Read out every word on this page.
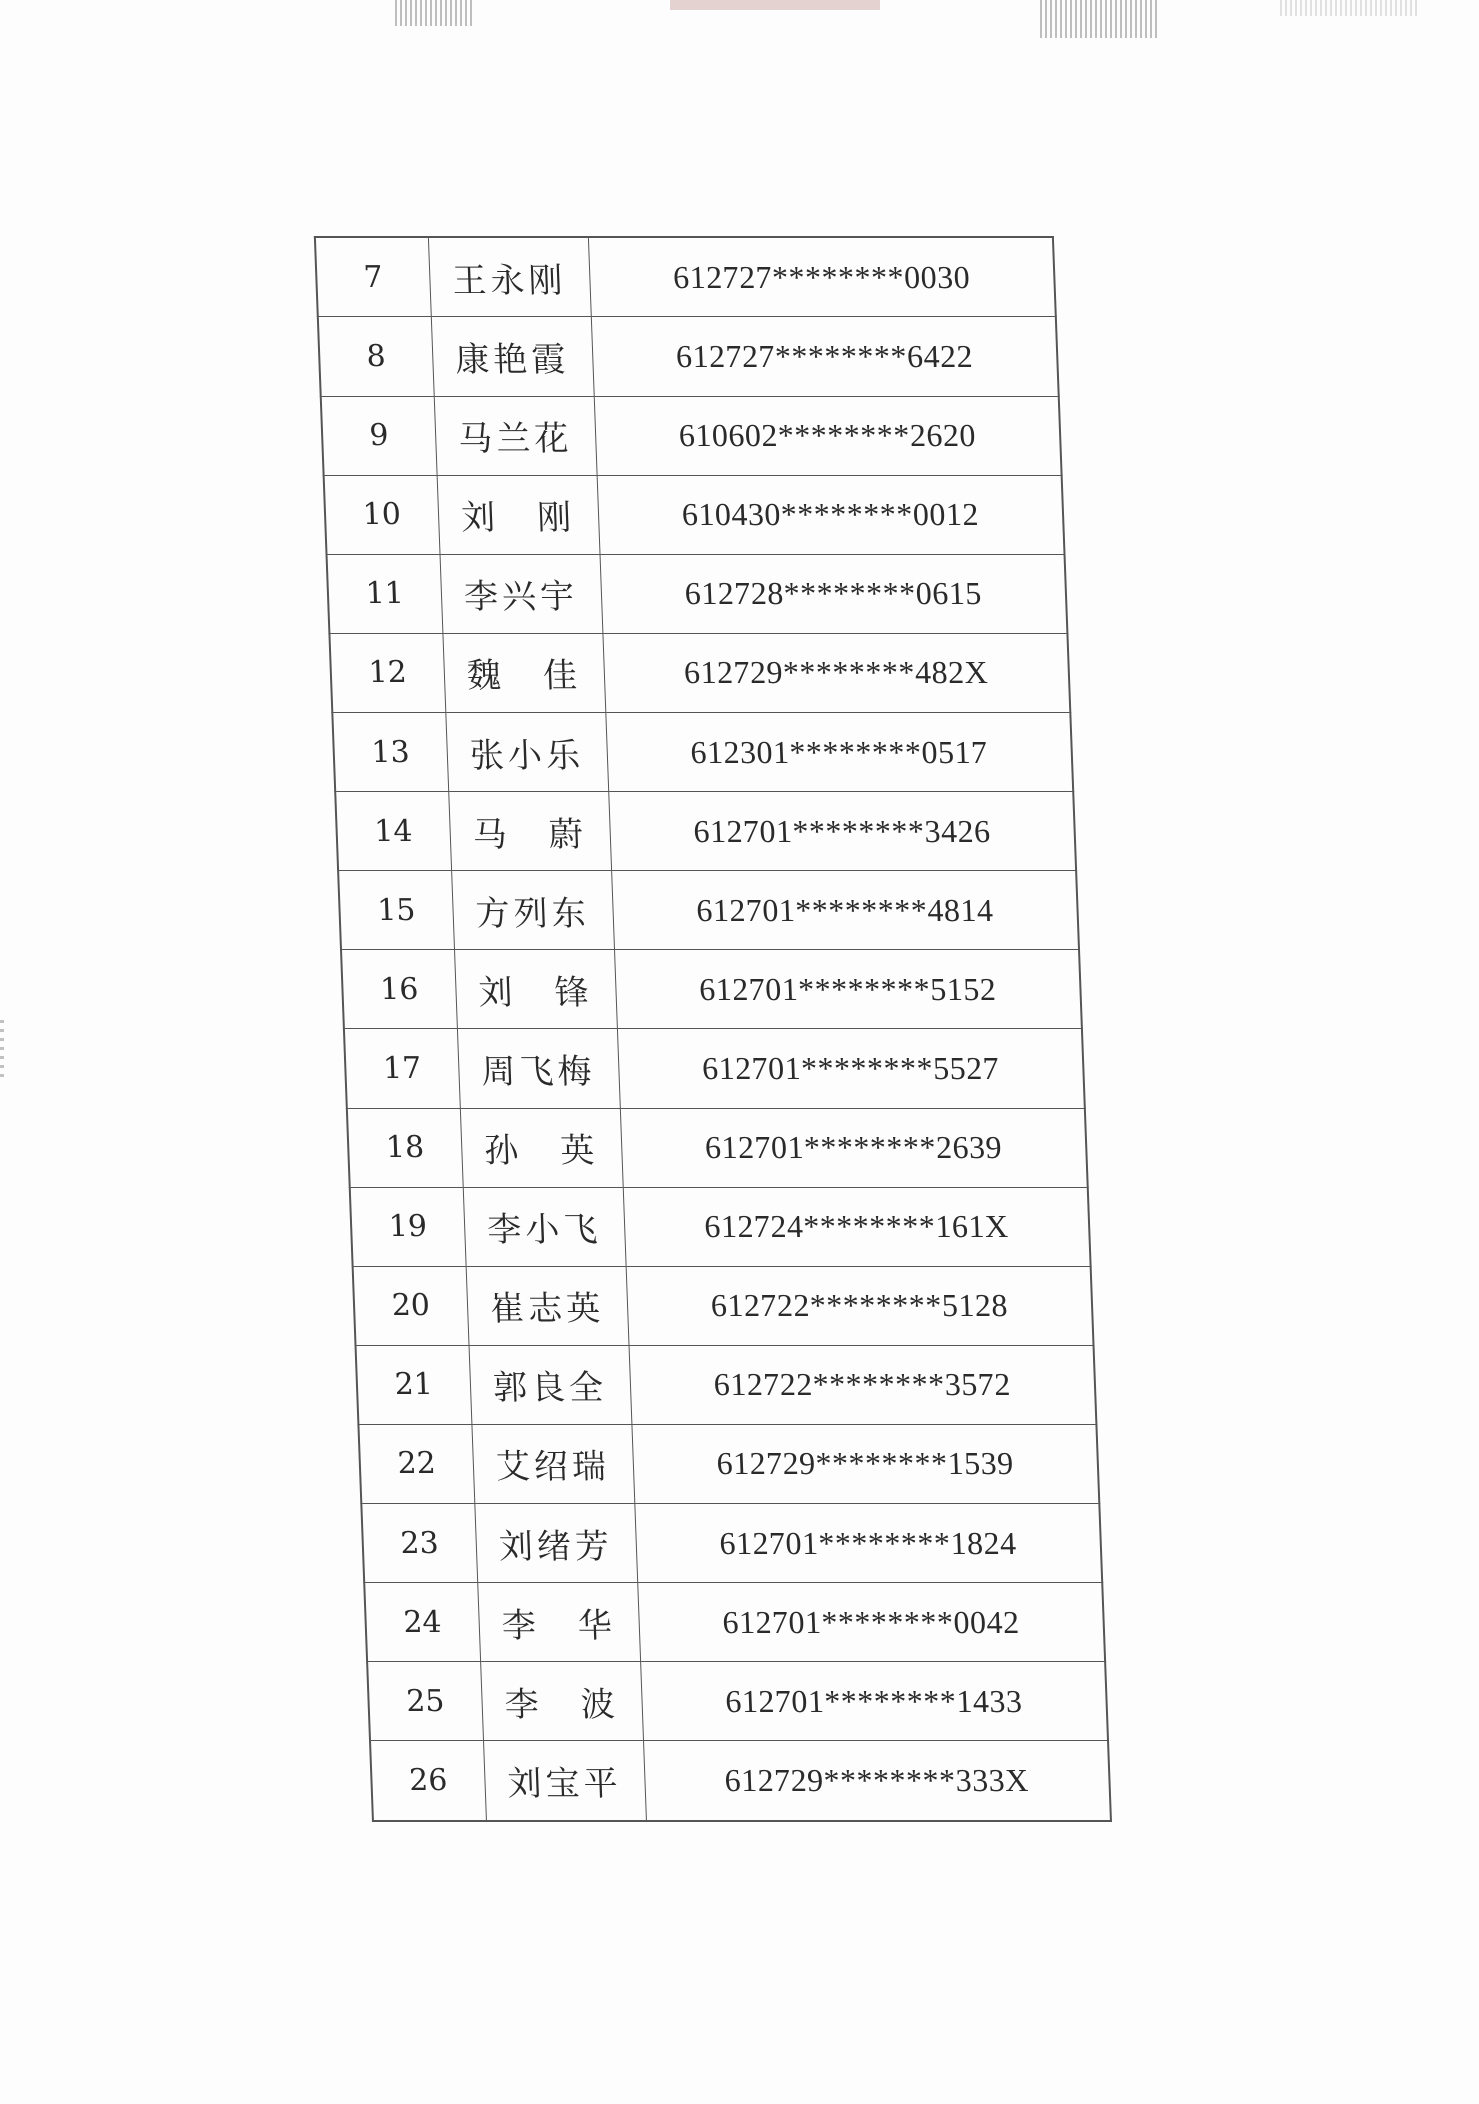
7	王永刚	612727********0030
8	康艳霞	612727********6422
9	马兰花	610602********2620
10	刘　刚	610430********0012
11	李兴宇	612728********0615
12	魏　佳	612729********482X
13	张小乐	612301********0517
14	马　蔚	612701********3426
15	方列东	612701********4814
16	刘　锋	612701********5152
17	周飞梅	612701********5527
18	孙　英	612701********2639
19	李小飞	612724********161X
20	崔志英	612722********5128
21	郭良全	612722********3572
22	艾绍瑞	612729********1539
23	刘绪芳	612701********1824
24	李　华	612701********0042
25	李　波	612701********1433
26	刘宝平	612729********333X
